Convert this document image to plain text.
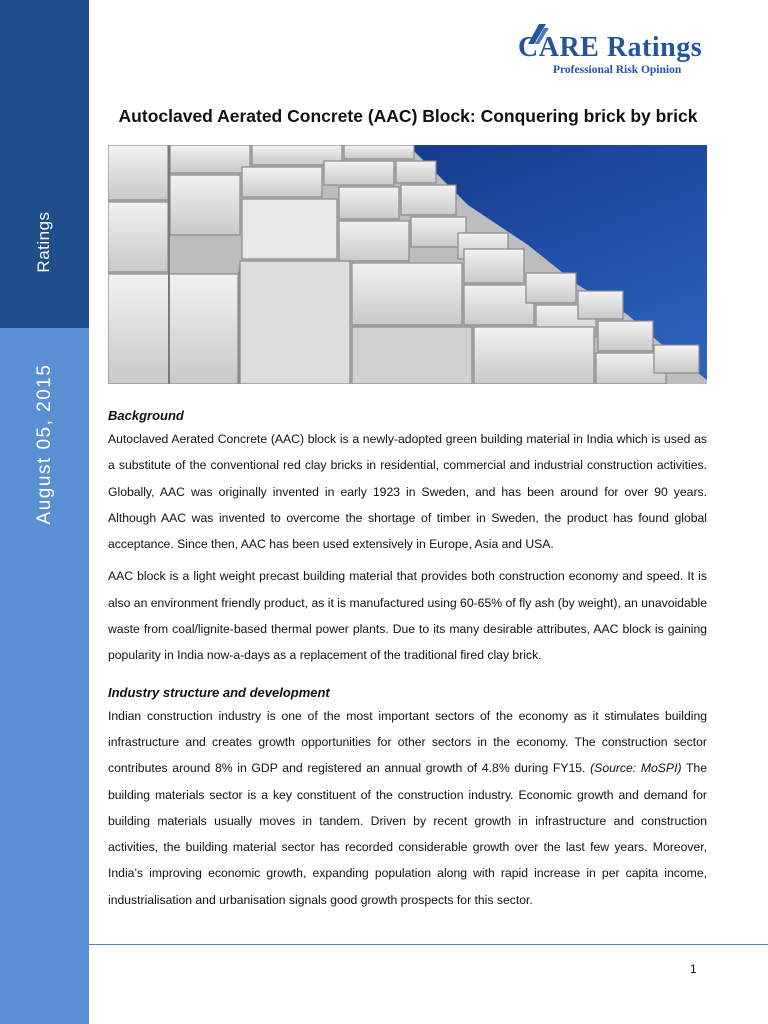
Ratings
August 05, 2015
CARE Ratings
Professional Risk Opinion
Autoclaved Aerated Concrete (AAC) Block: Conquering brick by brick
Background

Autoclaved Aerated Concrete (AAC) block is a newly-adopted green building material in India which is used as a substitute of the conventional red clay bricks in residential, commercial and industrial construction activities. Globally, AAC was originally invented in early 1923 in Sweden, and has been around for over 90 years. Although AAC was invented to overcome the shortage of timber in Sweden, the product has found global acceptance. Since then, AAC has been used extensively in Europe, Asia and USA.

AAC block is a light weight precast building material that provides both construction economy and speed. It is also an environment friendly product, as it is manufactured using 60-65% of fly ash (by weight), an unavoidable waste from coal/lignite-based thermal power plants. Due to its many desirable attributes, AAC block is gaining popularity in India now-a-days as a replacement of the traditional fired clay brick.

Industry structure and development

Indian construction industry is one of the most important sectors of the economy as it stimulates building infrastructure and creates growth opportunities for other sectors in the economy. The construction sector contributes around 8% in GDP and registered an annual growth of 4.8% during FY15. (Source: MoSPI) The building materials sector is a key constituent of the construction industry. Economic growth and demand for building materials usually moves in tandem. Driven by recent growth in infrastructure and construction activities, the building material sector has recorded considerable growth over the last few years. Moreover, India’s improving economic growth, expanding population along with rapid increase in per capita income, industrialisation and urbanisation signals good growth prospects for this sector.

1
